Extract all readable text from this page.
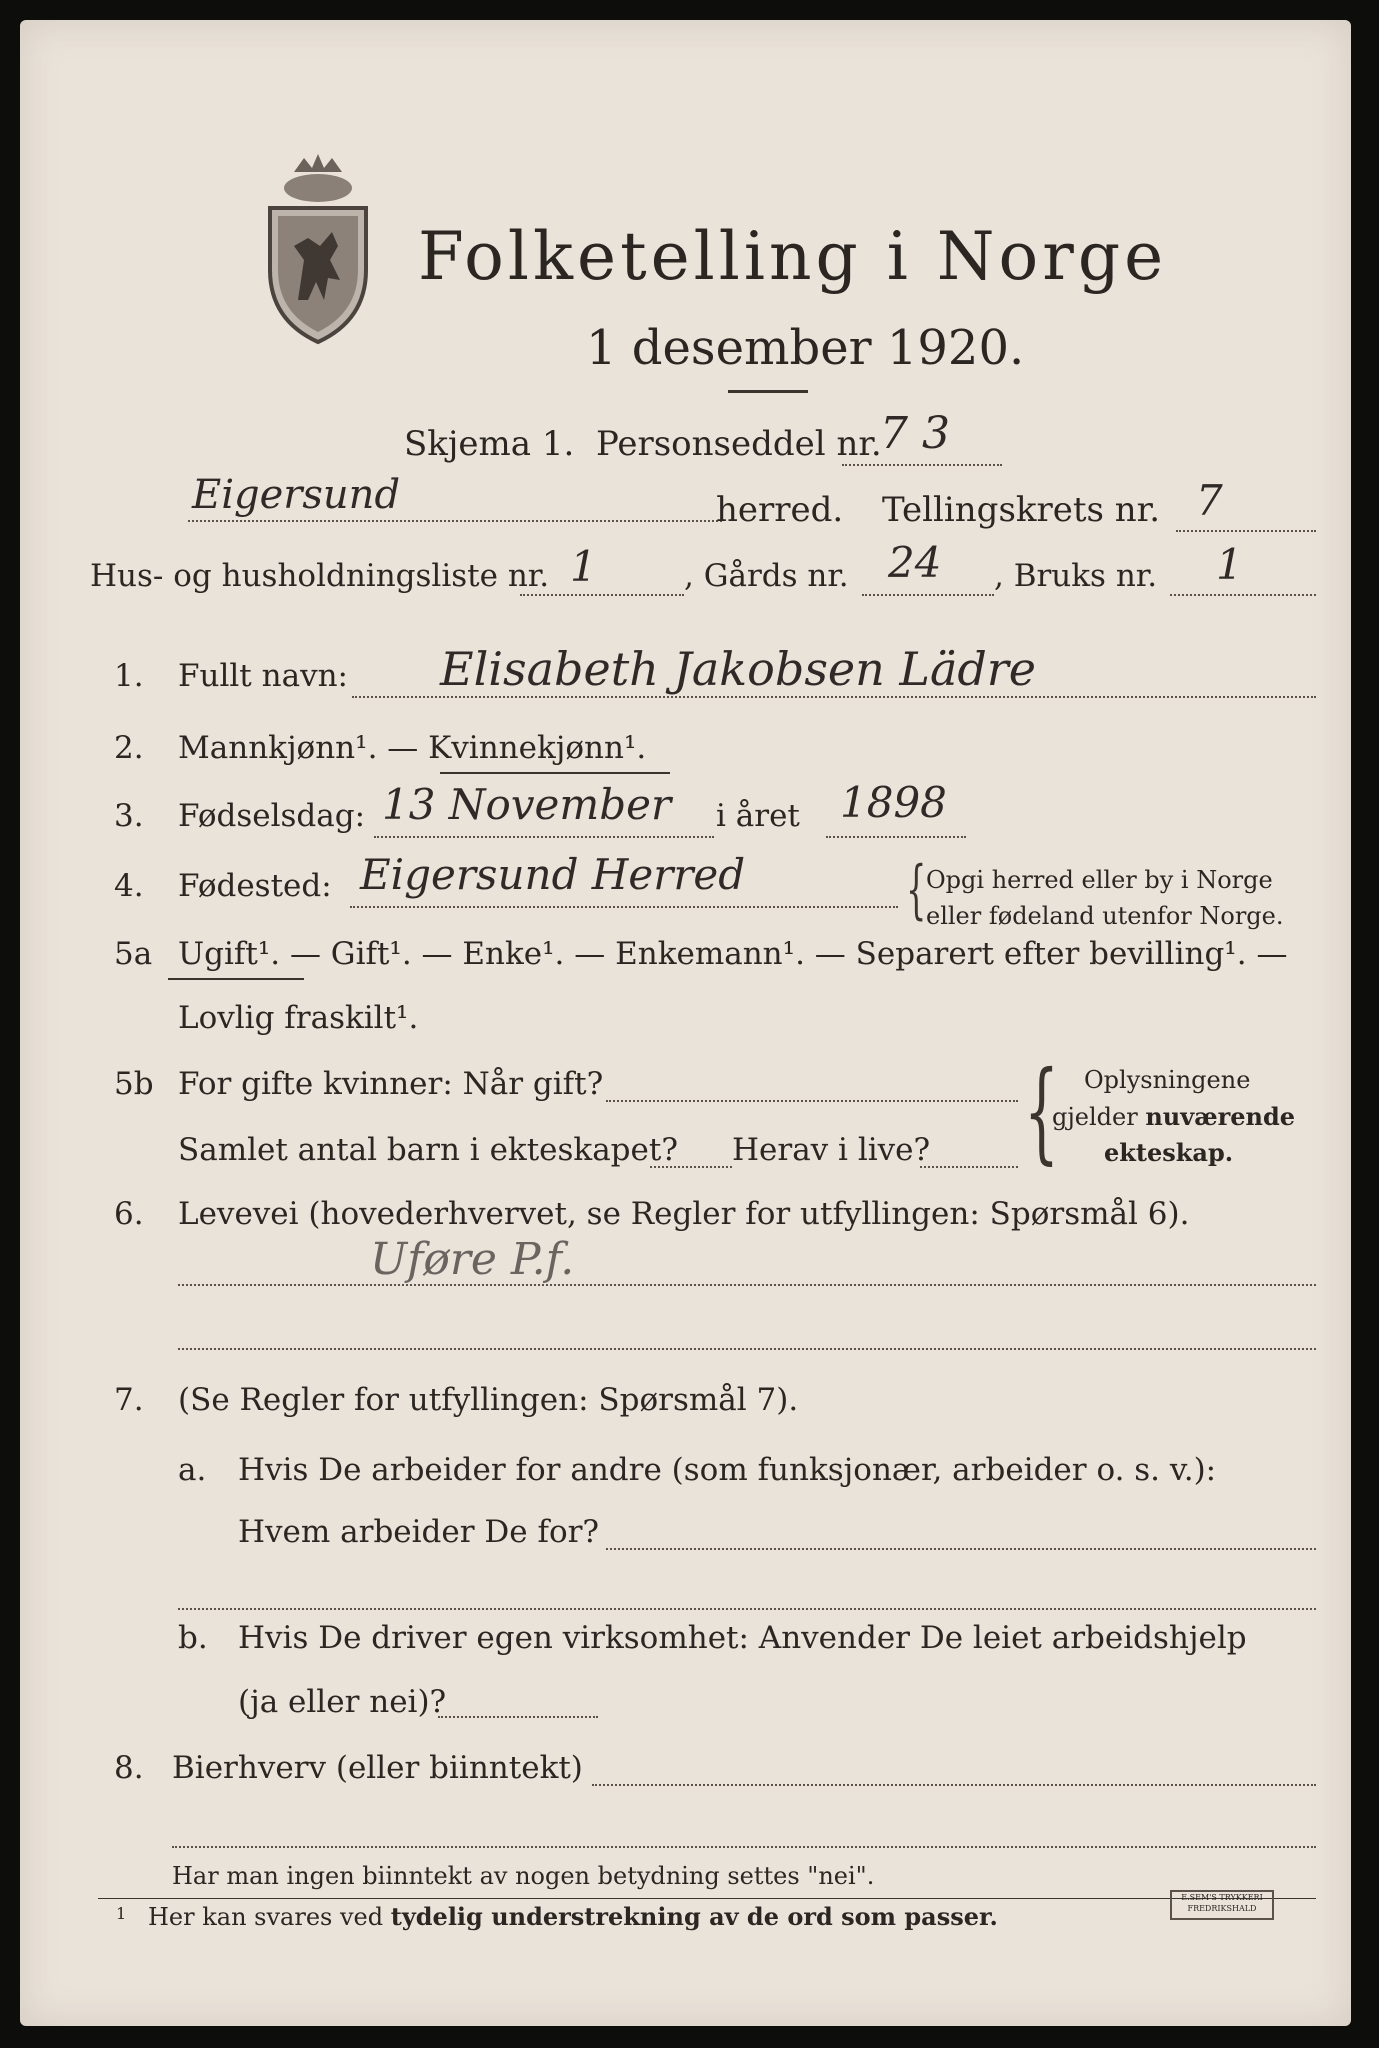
Folketelling i Norge
1 desember 1920.
Skjema 1. Personseddel nr.
7 3
Eigersund	herred. Tellingskrets nr. 7
Hus- og husholdningsliste nr. 1	, Gårds nr. 24 , Bruks nr. 1
1. Fullt navn: Elisabeth Jakobsen Lädre
2. Mannkjønn¹. — Kvinnekjønn¹.
3. Fødselsdag: 13 November i året 1898
4. Fødested: Eigersund Herred	{ Opgi herred eller by i Norge
eller fødeland utenfor Norge.
5a Ugift¹. — Gift¹. — Enke¹. — Enkemann¹. — Separert efter bevilling¹. —
Lovlig fraskilt¹.
5b For gifte kvinner: Når gift?
Samlet antal barn i ekteskapet? Herav i live? { Oplysningene
gjelder nuværende
ekteskap.
6. Levevei (hovederhvervet, se Regler for utfyllingen: Spørsmål 6).
Uføre P.f.
7. (Se Regler for utfyllingen: Spørsmål 7).
a. Hvis De arbeider for andre (som funksjonær, arbeider o. s. v.):
Hvem arbeider De for?
b. Hvis De driver egen virksomhet: Anvender De leiet arbeidshjelp
(ja eller nei)?
8. Bierhverv (eller biinntekt)
Har man ingen biinntekt av nogen betydning settes "nei".
1 Her kan svares ved tydelig understrekning av de ord som passer.
E.SEM'S TRYKKERI
FREDRIKSHALD
